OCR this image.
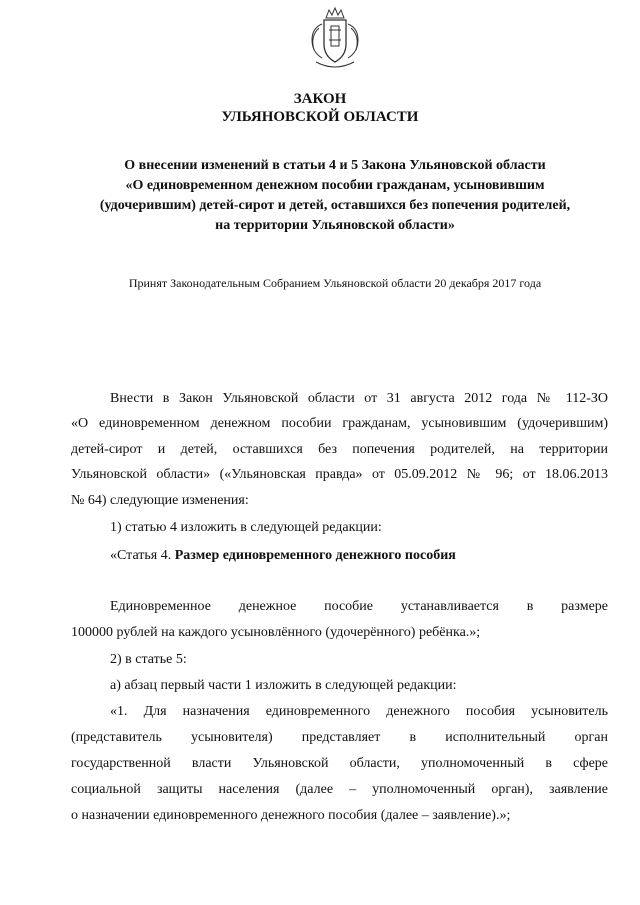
ЗАКОН
УЛЬЯНОВСКОЙ ОБЛАСТИ
О внесении изменений в статьи 4 и 5 Закона Ульяновской области
«О единовременном денежном пособии гражданам, усыновившим
(удочерившим) детей-сирот и детей, оставшихся без попечения родителей,
на территории Ульяновской области»
Принят Законодательным Собранием Ульяновской области 20 декабря 2017 года
Внести в Закон Ульяновской области от 31 августа 2012 года № 112-ЗО
«О единовременном денежном пособии гражданам, усыновившим (удочерившим)
детей-сирот и детей, оставшихся без попечения родителей, на территории
Ульяновской области» («Ульяновская правда» от 05.09.2012 № 96; от 18.06.2013
№ 64) следующие изменения:
1) статью 4 изложить в следующей редакции:
«Статья 4. Размер единовременного денежного пособия
Единовременное денежное пособие устанавливается в размере
100000 рублей на каждого усыновлённого (удочерённого) ребёнка.»;
2) в статье 5:
а) абзац первый части 1 изложить в следующей редакции:
«1. Для назначения единовременного денежного пособия усыновитель
(представитель усыновителя) представляет в исполнительный орган
государственной власти Ульяновской области, уполномоченный в сфере
социальной защиты населения (далее – уполномоченный орган), заявление
о назначении единовременного денежного пособия (далее – заявление).»;
